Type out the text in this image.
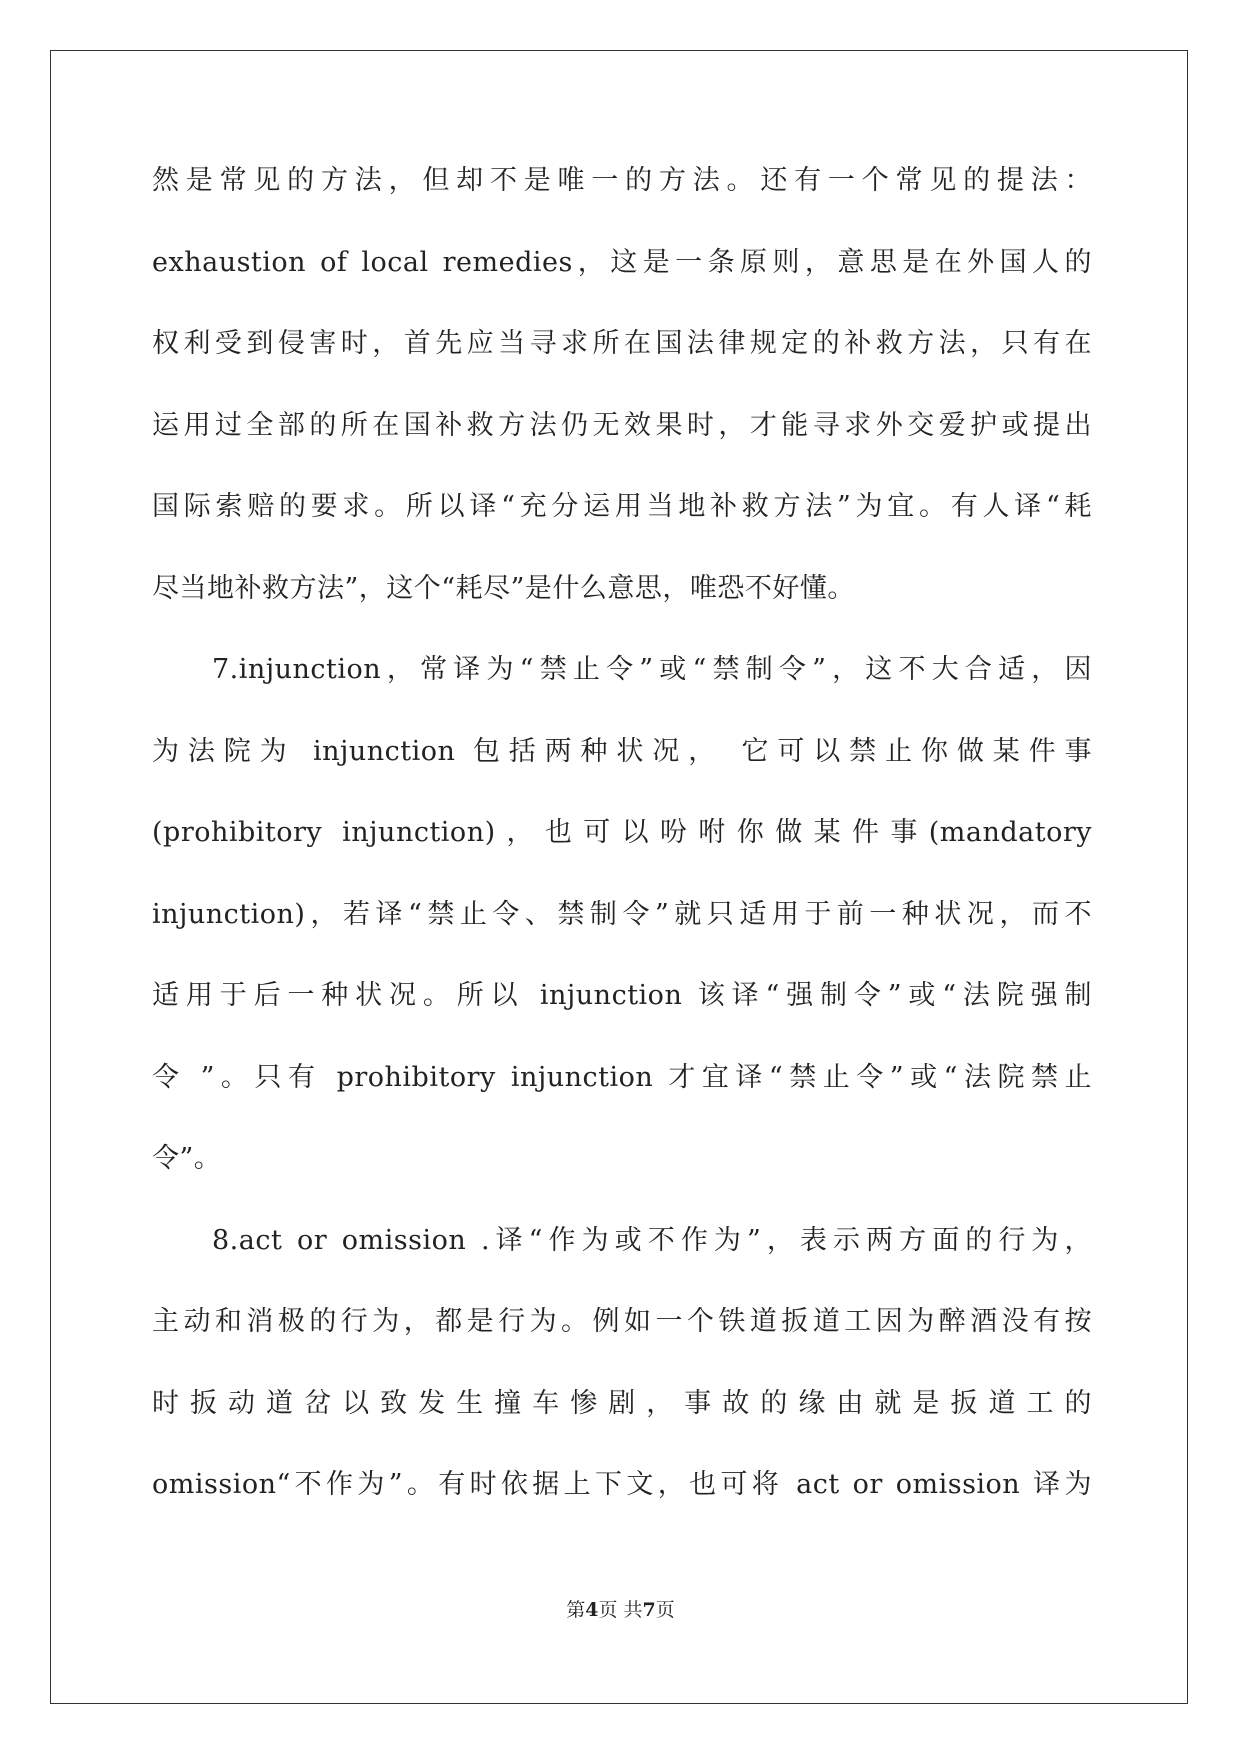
然是常见的方法，但却不是唯一的方法。还有一个常见的提法：
exhaustion of local remedies，这是一条原则，意思是在外国人的
权利受到侵害时，首先应当寻求所在国法律规定的补救方法，只有在
运用过全部的所在国补救方法仍无效果时，才能寻求外交爱护或提出
国际索赔的要求。所以译“充分运用当地补救方法”为宜。有人译“耗
尽当地补救方法”，这个“耗尽”是什么意思，唯恐不好懂。
7.injunction，常译为“禁止令”或“禁制令”，这不大合适，因
为法院为 injunction 包括两种状况， 它可以禁止你做某件事
(prohibitory injunction)，也可以吩咐你做某件事(mandatory
injunction)，若译“禁止令、禁制令”就只适用于前一种状况，而不
适用于后一种状况。所以 injunction 该译“强制令”或“法院强制
令 ”。只有 prohibitory injunction 才宜译“禁止令”或“法院禁止
令”。
8.act or omission .译“作为或不作为”，表示两方面的行为，
主动和消极的行为，都是行为。例如一个铁道扳道工因为醉酒没有按
时扳动道岔以致发生撞车惨剧，事故的缘由就是扳道工的
omission“不作为”。有时依据上下文，也可将 act or omission 译为
第4页 共7页
